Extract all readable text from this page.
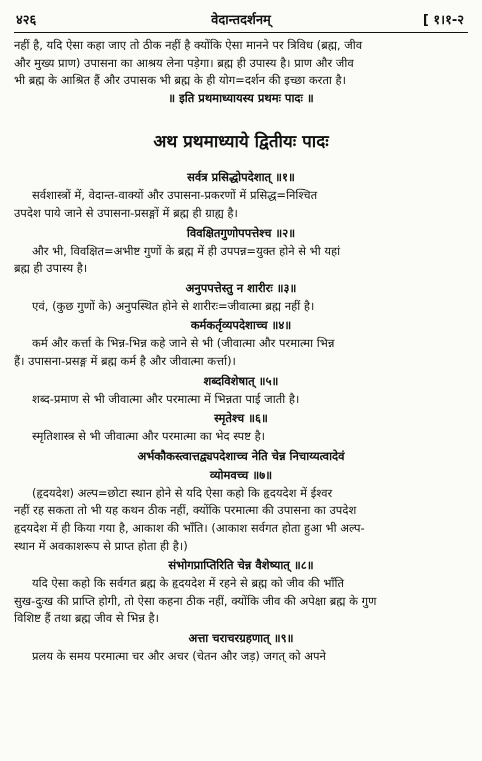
४२६	वेदान्तदर्शनम्	[ १।१-२

नहीं है, यदि ऐसा कहा जाए तो ठीक नहीं है क्योंकि ऐसा मानने पर त्रिविध (ब्रह्म, जीव

और मुख्य प्राण) उपासना का आश्रय लेना पड़ेगा। ब्रह्म ही उपास्य है। प्राण और जीव

भी ब्रह्म के आश्रित हैं और उपासक भी ब्रह्म के ही योग=दर्शन की इच्छा करता है।

॥ इति प्रथमाध्यायस्य प्रथमः पादः ॥

अथ प्रथमाध्याये द्वितीयः पादः
सर्वत्र प्रसिद्धोपदेशात् ॥१॥

सर्वशास्त्रों में, वेदान्त-वाक्यों और उपासना-प्रकरणों में प्रसिद्ध=निश्चित

उपदेश पाये जाने से उपासना-प्रसङ्गों में ब्रह्म ही ग्राह्य है।

विवक्षितगुणोपपत्तेश्च ॥२॥

और भी, विवक्षित=अभीष्ट गुणों के ब्रह्म में ही उपपन्न=युक्त होने से भी यहां

ब्रह्म ही उपास्य है।

अनुपपत्तेस्तु न शारीरः ॥३॥

एवं, (कुछ गुणों के) अनुपस्थित होने से शारीरः=जीवात्मा ब्रह्म नहीं है।

कर्मकर्तृव्यपदेशाच्च ॥४॥

कर्म और कर्त्ता के भिन्न-भिन्न कहे जाने से भी (जीवात्मा और परमात्मा भिन्न

हैं। उपासना-प्रसङ्ग में ब्रह्म कर्म है और जीवात्मा कर्त्ता)।

शब्दविशेषात् ॥५॥

शब्द-प्रमाण से भी जीवात्मा और परमात्मा में भिन्नता पाई जाती है।

स्मृतेश्च ॥६॥

स्मृतिशास्त्र से भी जीवात्मा और परमात्मा का भेद स्पष्ट है।

अर्भकौकस्त्वात्तद्व्यपदेशाच्च नेति चेन्न निचाय्यत्वादेवं
व्योमवच्च ॥७॥

(हृदयदेश) अल्प=छोटा स्थान होने से यदि ऐसा कहो कि हृदयदेश में ईश्वर

नहीं रह सकता तो भी यह कथन ठीक नहीं, क्योंकि परमात्मा की उपासना का उपदेश

हृदयदेश में ही किया गया है, आकाश की भाँति। (आकाश सर्वगत होता हुआ भी अल्प-

स्थान में अवकाशरूप से प्राप्त होता ही है।)

संभोगप्राप्तिरिति चेन्न वैशेष्यात् ॥८॥

यदि ऐसा कहो कि सर्वगत ब्रह्म के हृदयदेश में रहने से ब्रह्म को जीव की भाँति

सुख-दुःख की प्राप्ति होगी, तो ऐसा कहना ठीक नहीं, क्योंकि जीव की अपेक्षा ब्रह्म के गुण

विशिष्ट हैं तथा ब्रह्म जीव से भिन्न है।

अत्ता चराचरग्रहणात् ॥९॥

प्रलय के समय परमात्मा चर और अचर (चेतन और जड़) जगत् को अपने
